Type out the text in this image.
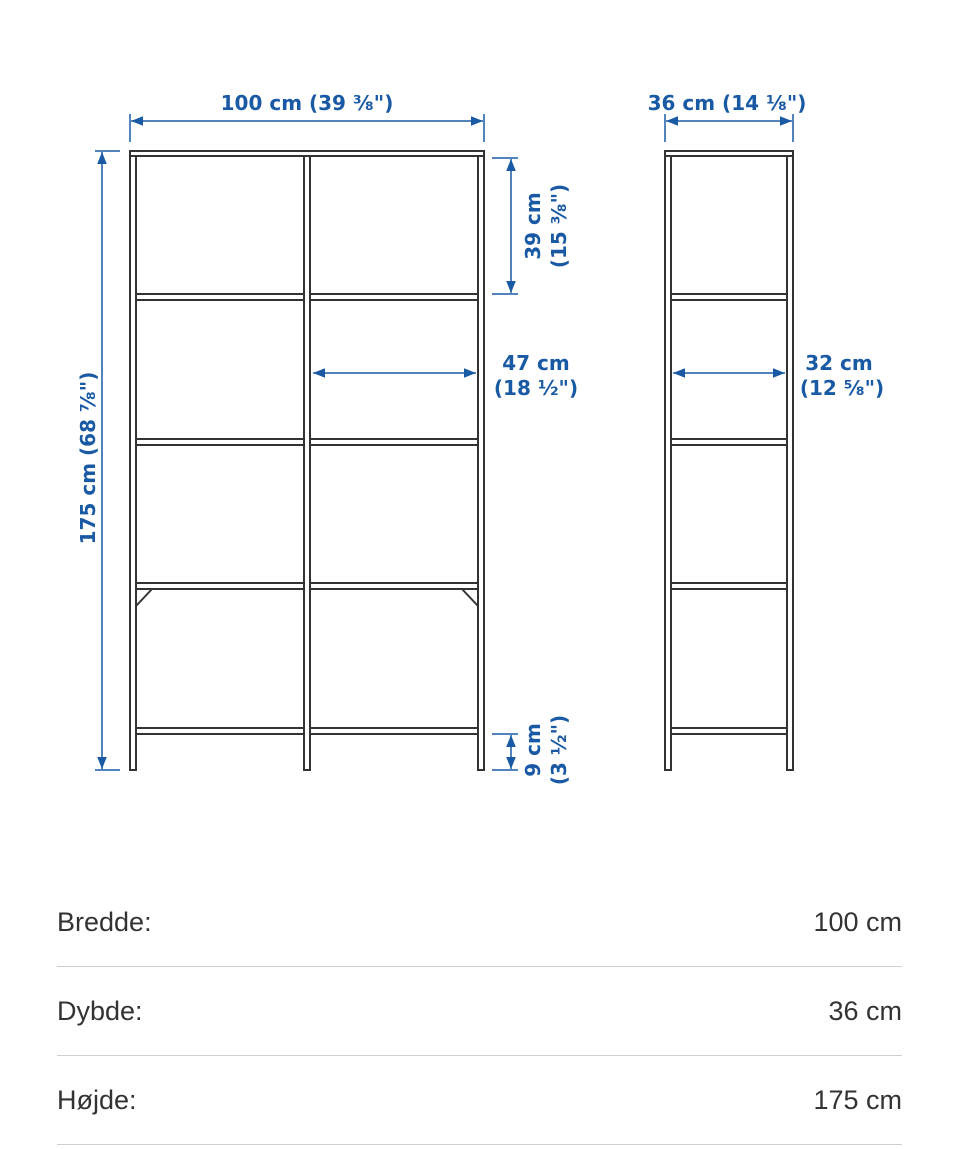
100 cm (39 ³⁄₈")	36 cm (14 ¹⁄₈")
175 cm (68 ⁷⁄₈")
39 cm (15 ³⁄₈")
47 cm
(18 ½")
32 cm
(12 ⁵⁄₈")
9 cm (3 ½")
Bredde:	100 cm
Dybde:	36 cm
Højde:	175 cm
